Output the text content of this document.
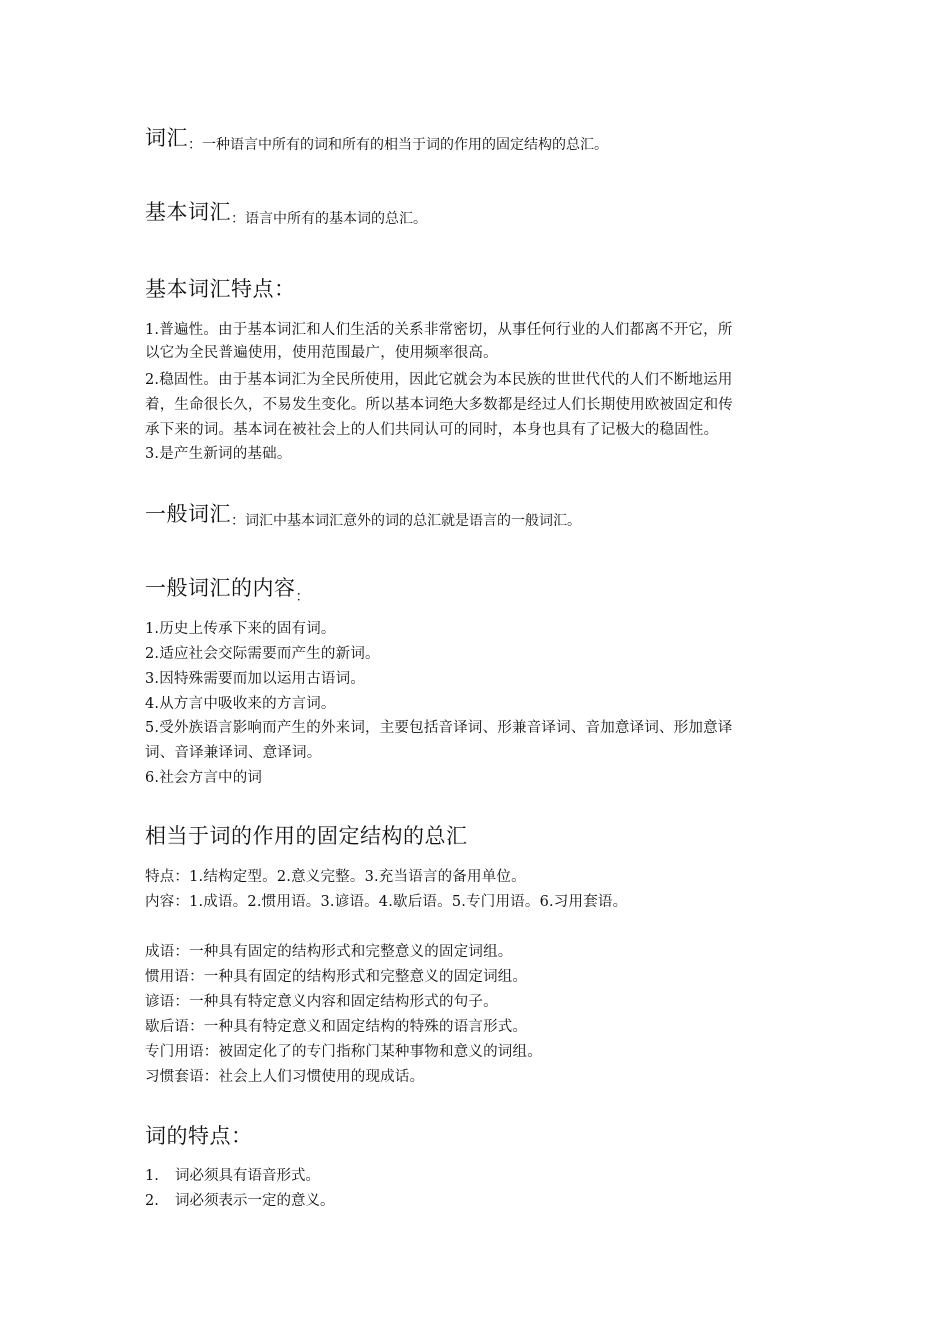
词汇：一种语言中所有的词和所有的相当于词的作用的固定结构的总汇。
基本词汇：语言中所有的基本词的总汇。
基本词汇特点：
1.普遍性。由于基本词汇和人们生活的关系非常密切，从事任何行业的人们都离不开它，所
以它为全民普遍使用，使用范围最广，使用频率很高。
2.稳固性。由于基本词汇为全民所使用，因此它就会为本民族的世世代代的人们不断地运用
着，生命很长久，不易发生变化。所以基本词绝大多数都是经过人们长期使用欧被固定和传
承下来的词。基本词在被社会上的人们共同认可的同时，本身也具有了记极大的稳固性。
3.是产生新词的基础。
一般词汇：词汇中基本词汇意外的词的总汇就是语言的一般词汇。
一般词汇的内容：
1.历史上传承下来的固有词。
2.适应社会交际需要而产生的新词。
3.因特殊需要而加以运用古语词。
4.从方言中吸收来的方言词。
5.受外族语言影响而产生的外来词，主要包括音译词、形兼音译词、音加意译词、形加意译
词、音译兼译词、意译词。
6.社会方言中的词
相当于词的作用的固定结构的总汇
特点：1.结构定型。2.意义完整。3.充当语言的备用单位。
内容：1.成语。2.惯用语。3.谚语。4.歇后语。5.专门用语。6.习用套语。
成语：一种具有固定的结构形式和完整意义的固定词组。
惯用语：一种具有固定的结构形式和完整意义的固定词组。
谚语：一种具有特定意义内容和固定结构形式的句子。
歇后语：一种具有特定意义和固定结构的特殊的语言形式。
专门用语：被固定化了的专门指称门某种事物和意义的词组。
习惯套语：社会上人们习惯使用的现成话。
词的特点：
1. 词必须具有语音形式。
2. 词必须表示一定的意义。
